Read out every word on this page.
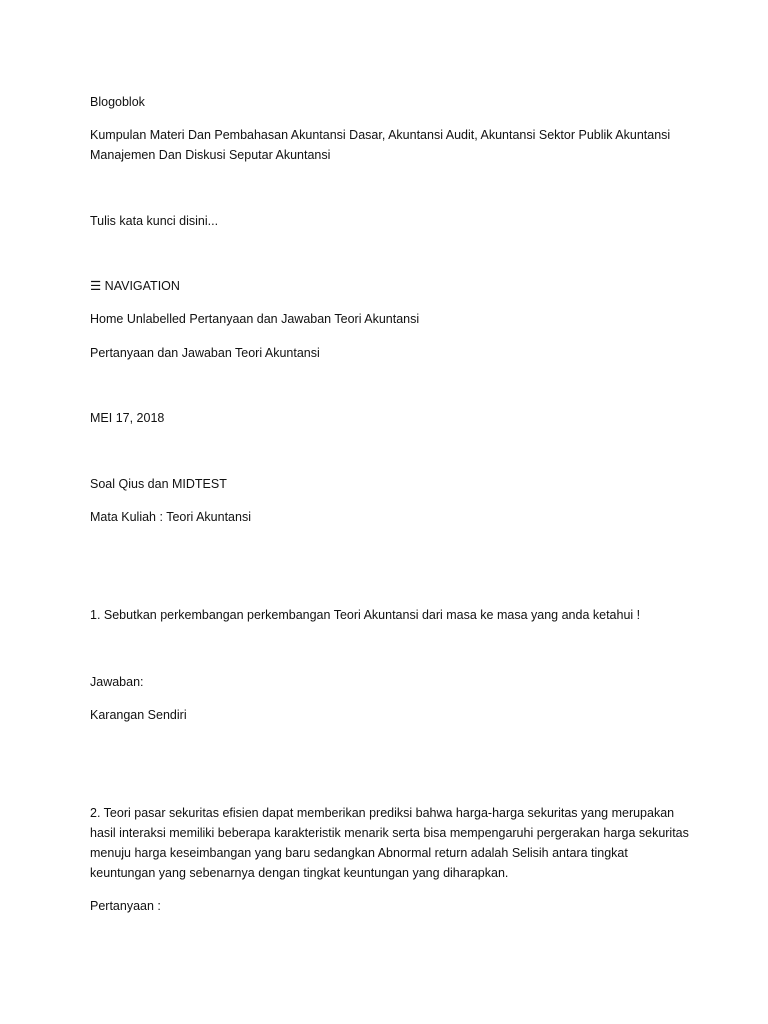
Blogoblok
Kumpulan Materi Dan Pembahasan Akuntansi Dasar, Akuntansi Audit, Akuntansi Sektor Publik Akuntansi Manajemen Dan Diskusi Seputar Akuntansi
Tulis kata kunci disini...
☰ NAVIGATION
Home Unlabelled Pertanyaan dan Jawaban Teori Akuntansi
Pertanyaan dan Jawaban Teori Akuntansi
MEI 17, 2018
Soal Qius dan MIDTEST
Mata Kuliah : Teori Akuntansi
1. Sebutkan perkembangan perkembangan Teori Akuntansi dari masa ke masa yang anda ketahui !
Jawaban:
Karangan Sendiri
2. Teori pasar sekuritas efisien dapat memberikan prediksi bahwa harga-harga sekuritas yang merupakan hasil interaksi memiliki beberapa karakteristik menarik serta bisa mempengaruhi pergerakan harga sekuritas menuju harga keseimbangan yang baru sedangkan Abnormal return adalah Selisih antara tingkat keuntungan yang sebenarnya dengan tingkat keuntungan yang diharapkan.
Pertanyaan :
